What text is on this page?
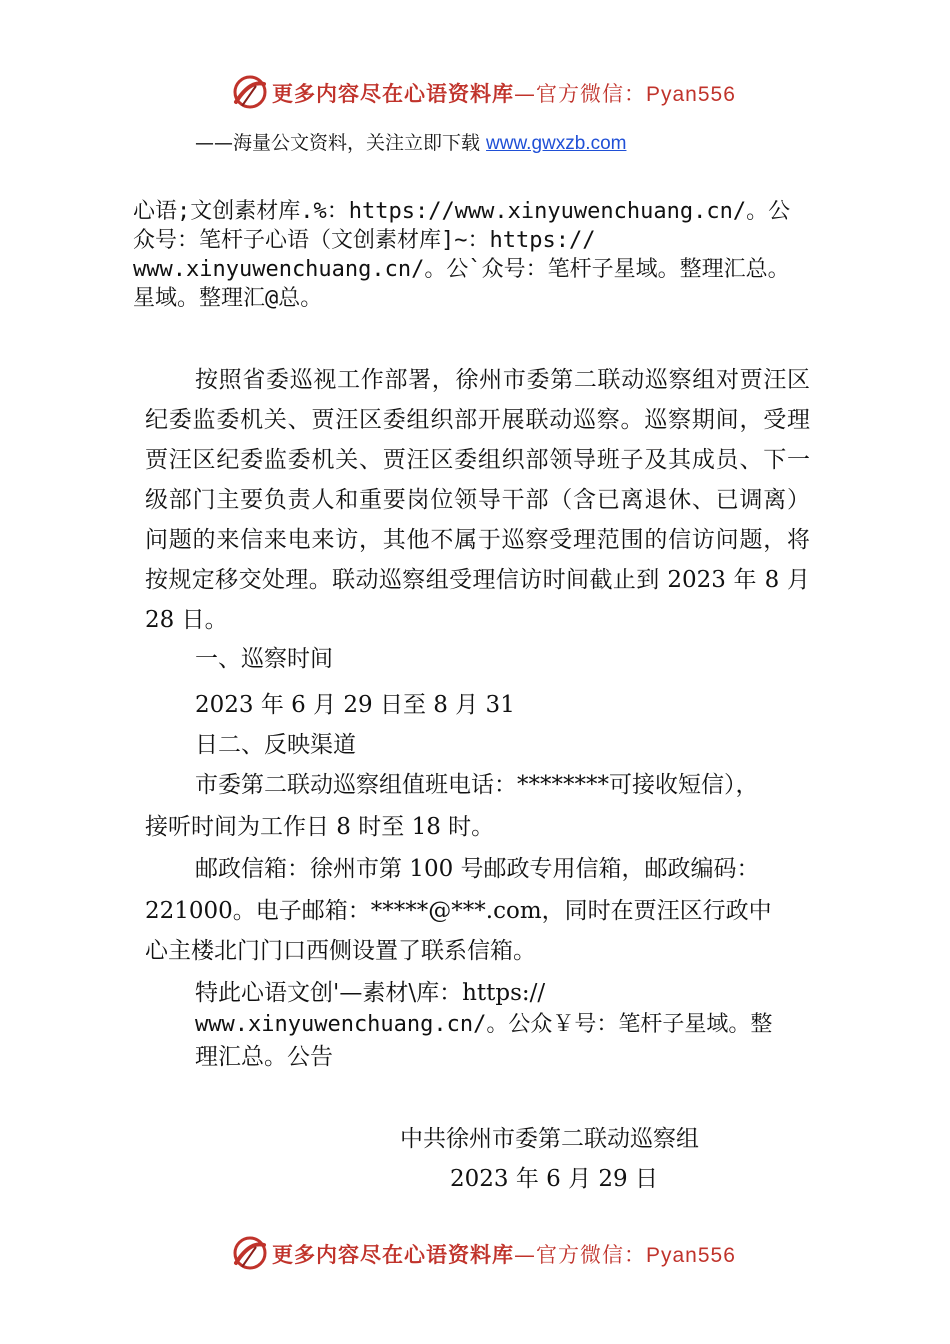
更多内容尽在心语资料库—官方微信：Pyan556
——海量公文资料，关注立即下载 www.gwxzb.com
心语;文创素材库.%：https://www.xinyuwenchuang.cn/。公
众号：笔杆子心语（文创素材库]~：https://
www.xinyuwenchuang.cn/。公`众号：笔杆子星域。整理汇总。
星域。整理汇@总。
按照省委巡视工作部署，徐州市委第二联动巡察组对贾汪区纪委监委机关、贾汪区委组织部开展联动巡察。巡察期间，受理贾汪区纪委监委机关、贾汪区委组织部领导班子及其成员、下一级部门主要负责人和重要岗位领导干部（含已离退休、已调离）问题的来信来电来访，其他不属于巡察受理范围的信访问题，将按规定移交处理。联动巡察组受理信访时间截止到 2023 年 8 月 28 日。
一、巡察时间
2023 年 6 月 29 日至 8 月 31
日二、反映渠道
市委第二联动巡察组值班电话：********可接收短信），
接听时间为工作日 8 时至 18 时。
邮政信箱：徐州市第 100 号邮政专用信箱，邮政编码：
221000。电子邮箱：*****@***.com，同时在贾汪区行政中
心主楼北门门口西侧设置了联系信箱。
特此心语文创'—素材\库：https://
www.xinyuwenchuang.cn/。公众￥号：笔杆子星域。整
理汇总。公告
中共徐州市委第二联动巡察组
2023 年 6 月 29 日
更多内容尽在心语资料库—官方微信：Pyan556
